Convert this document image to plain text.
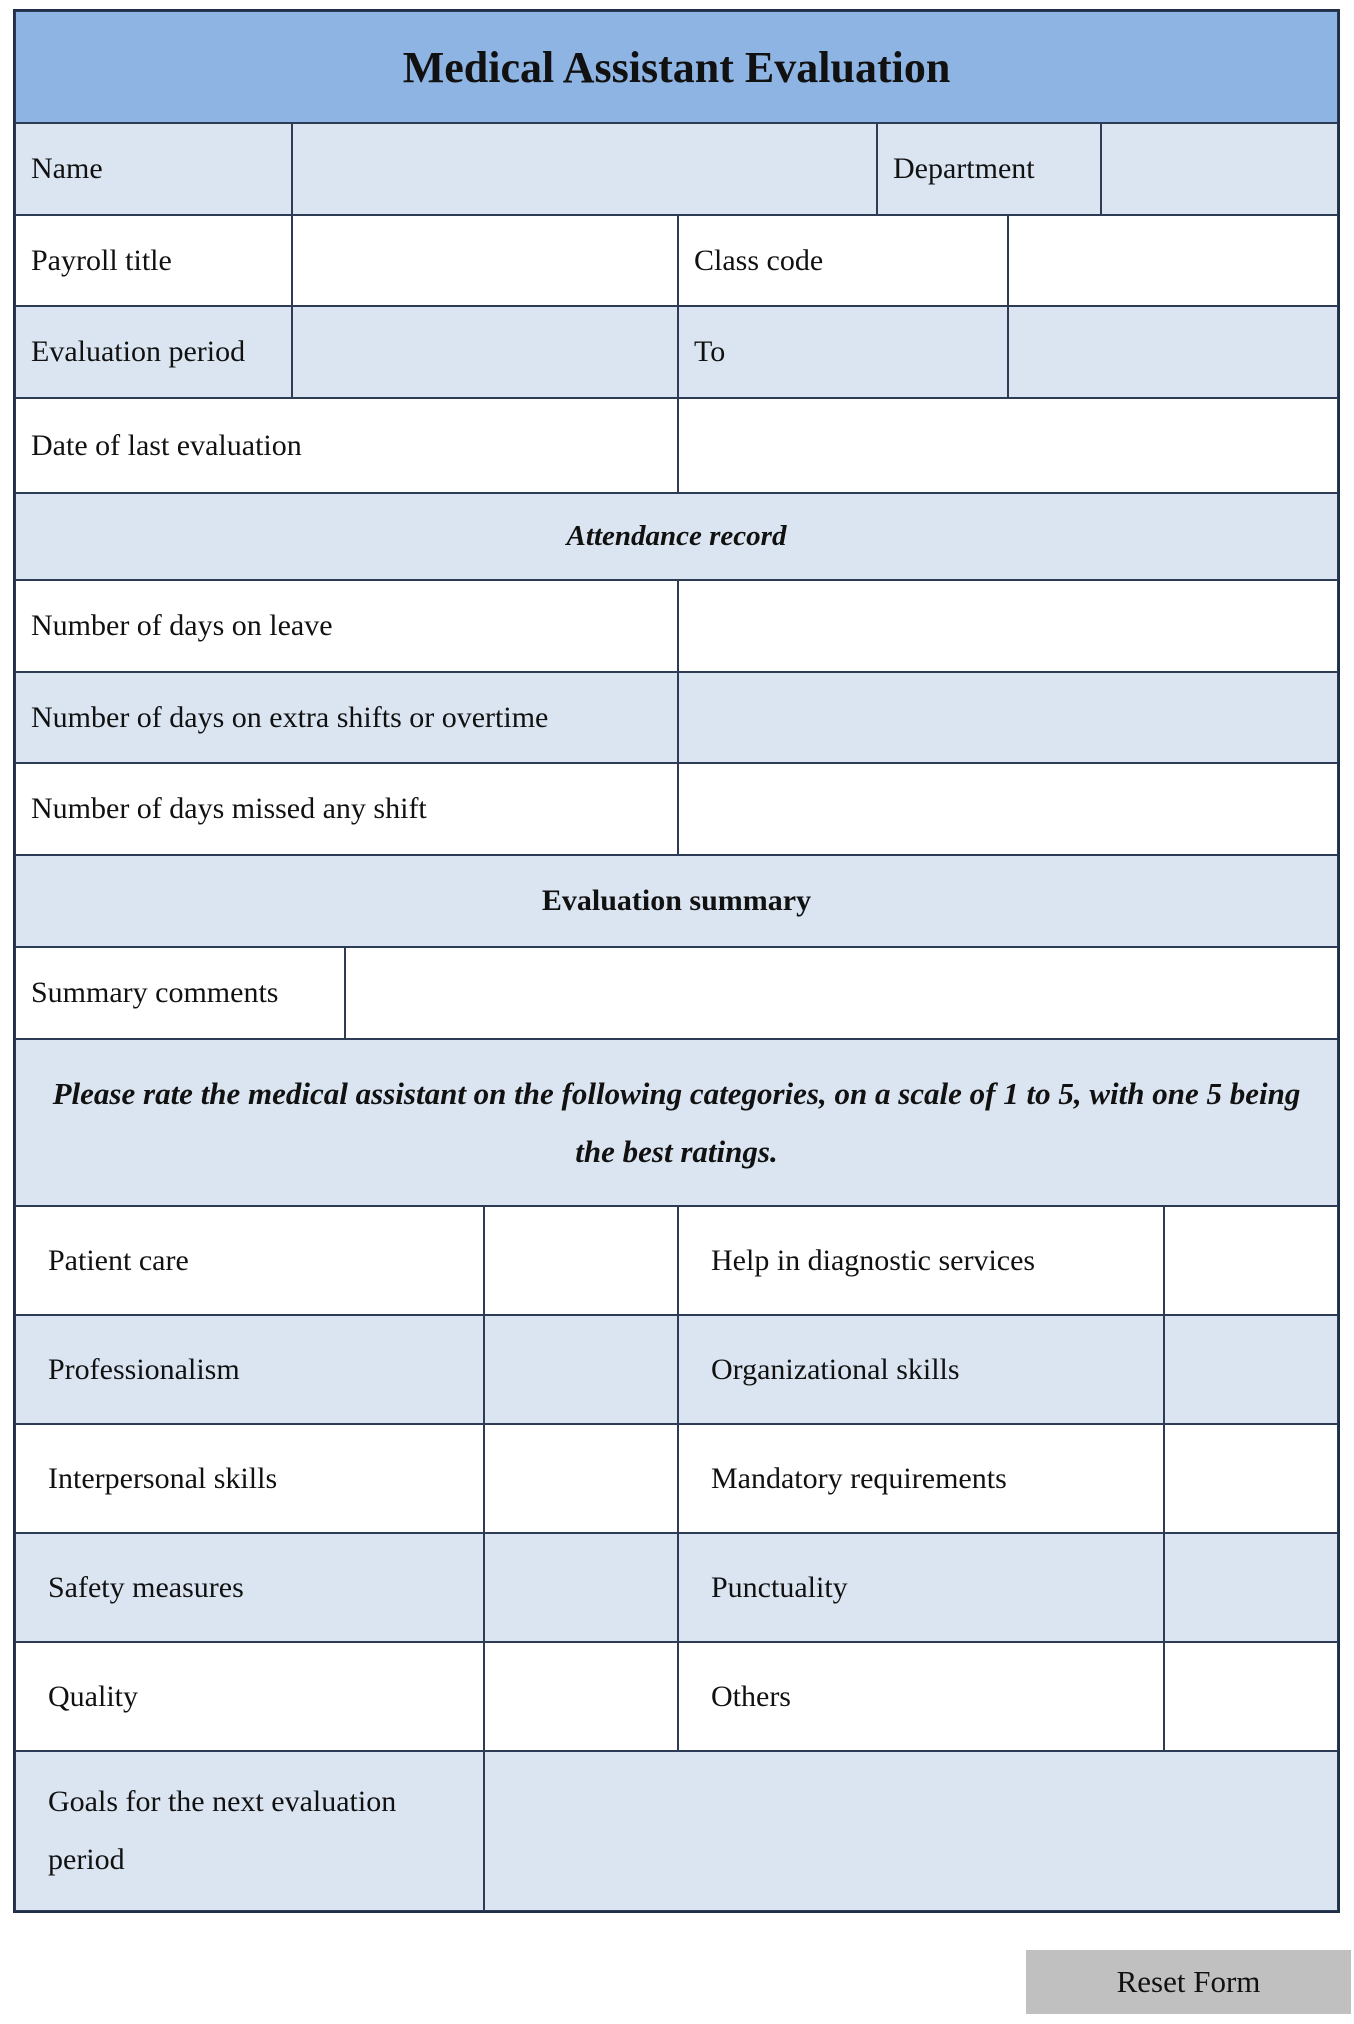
Medical Assistant Evaluation
Name	Department
Payroll title	Class code
Evaluation period	To
Date of last evaluation
Attendance record
Number of days on leave
Number of days on extra shifts or overtime
Number of days missed any shift
Evaluation summary
Summary comments
Please rate the medical assistant on the following categories, on a scale of 1 to 5, with one 5 being the best ratings.
Patient care	Help in diagnostic services
Professionalism	Organizational skills
Interpersonal skills	Mandatory requirements
Safety measures	Punctuality
Quality	Others
Goals for the next evaluation period
Reset Form
